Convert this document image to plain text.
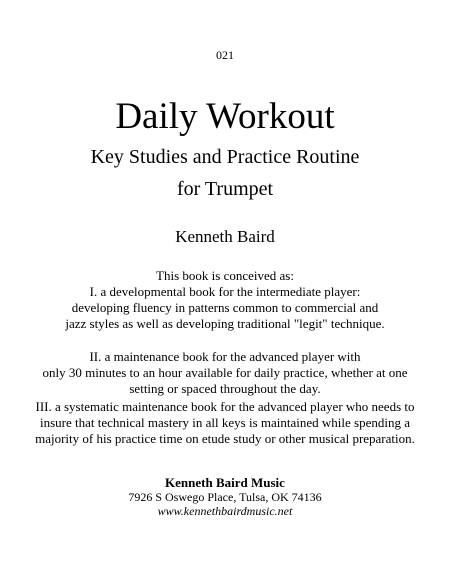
021
Daily Workout
Key Studies and Practice Routine
for Trumpet
Kenneth Baird
This book is conceived as:
I. a developmental book for the intermediate player:
developing fluency in patterns common to commercial and
jazz styles as well as developing traditional "legit" technique.
II. a maintenance book for the advanced player with
only 30 minutes to an hour available for daily practice, whether at one
setting or spaced throughout the day.
III. a systematic maintenance book for the advanced player who needs to
insure that technical mastery in all keys is maintained while spending a
majority of his practice time on etude study or other musical preparation.
Kenneth Baird Music
7926 S Oswego Place, Tulsa, OK 74136
www.kennethbairdmusic.net
